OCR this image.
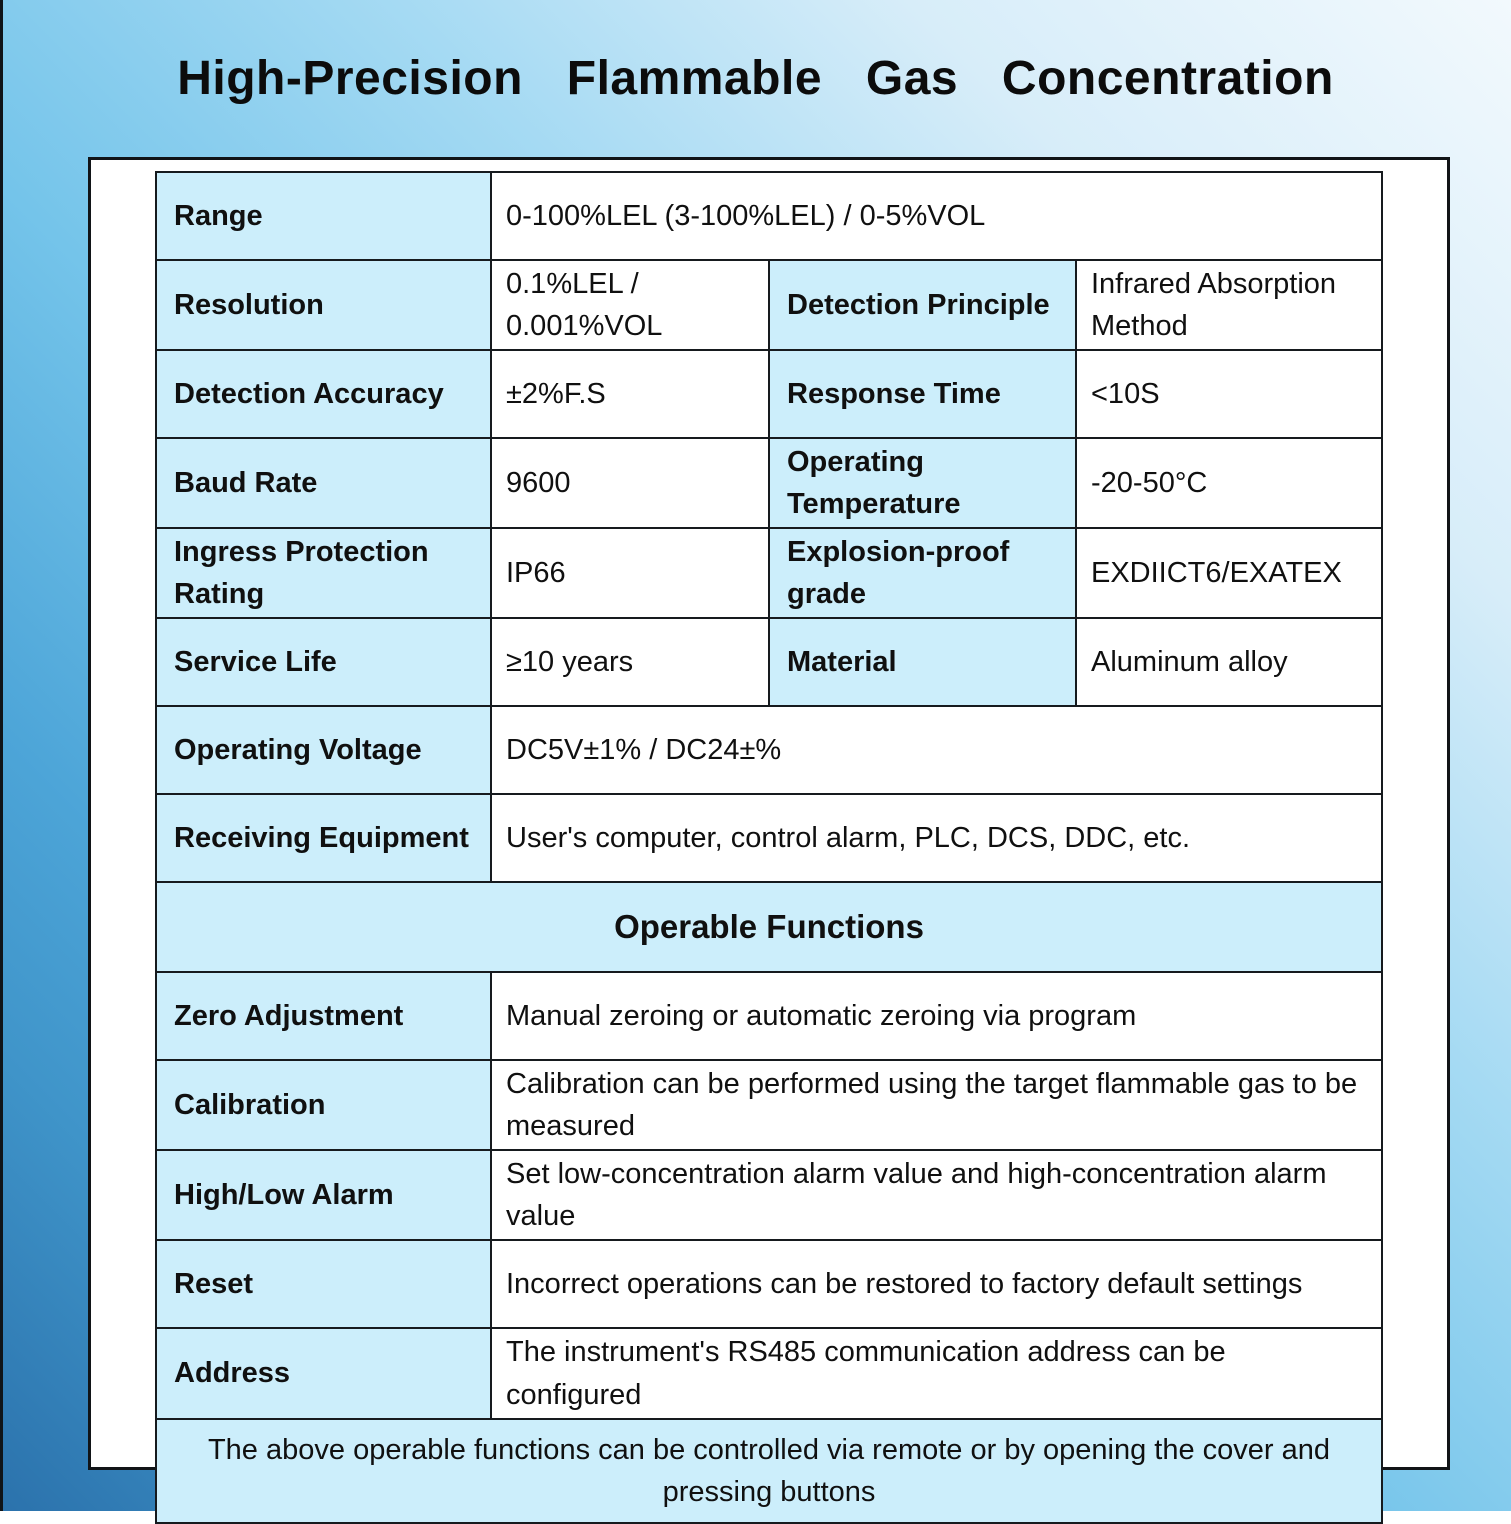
High-Precision Flammable Gas Concentration
Range	0-100%LEL (3-100%LEL) / 0-5%VOL		
Resolution	0.1%LEL / 0.001%VOL	Detection Principle	Infrared Absorption Method
Detection Accuracy	±2%F.S	Response Time	<10S
Baud Rate	9600	Operating Temperature	-20-50°C
Ingress Protection Rating	IP66	Explosion-proof grade	EXDIICT6/EXATEX
Service Life	≥10 years	Material	Aluminum alloy
Operating Voltage	DC5V±1% / DC24±%		
Receiving Equipment	User's computer, control alarm, PLC, DCS, DDC, etc.		
Operable Functions			
Zero Adjustment	Manual zeroing or automatic zeroing via program		
Calibration	Calibration can be performed using the target flammable gas to be measured		
High/Low Alarm	Set low-concentration alarm value and high-concentration alarm value		
Reset	Incorrect operations can be restored to factory default settings		
Address	The instrument's RS485 communication address can be configured		
The above operable functions can be controlled via remote or by opening the cover and pressing buttons			
